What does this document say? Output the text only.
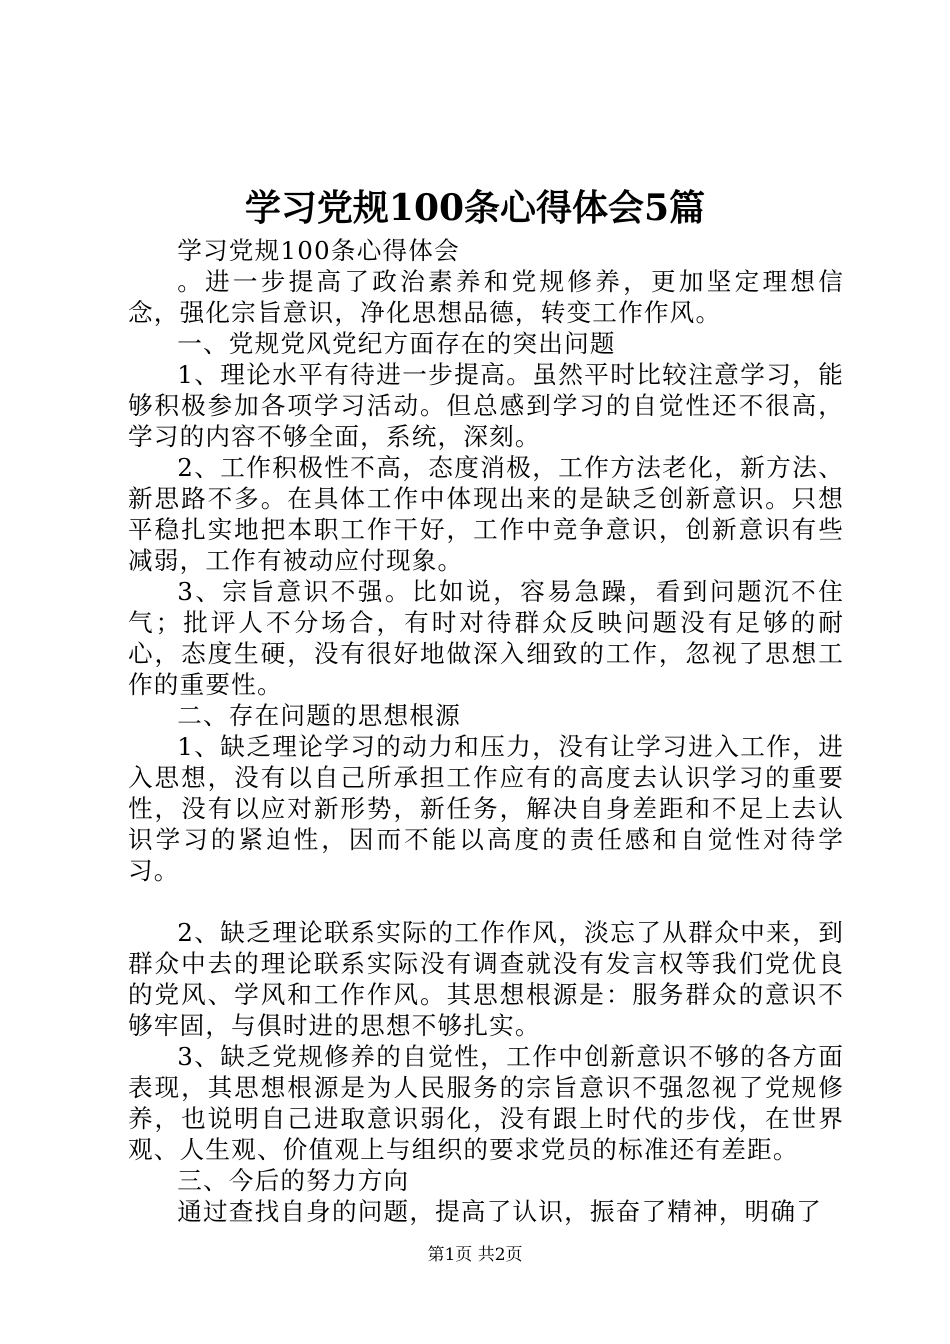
学习党规100条心得体会5篇

学习党规100条心得体会

。进一步提高了政治素养和党规修养，更加坚定理想信念，强化宗旨意识，净化思想品德，转变工作作风。

一、党规党风党纪方面存在的突出问题

1、理论水平有待进一步提高。虽然平时比较注意学习，能够积极参加各项学习活动。但总感到学习的自觉性还不很高，学习的内容不够全面，系统，深刻。

2、工作积极性不高，态度消极，工作方法老化，新方法、新思路不多。在具体工作中体现出来的是缺乏创新意识。只想平稳扎实地把本职工作干好，工作中竞争意识，创新意识有些减弱，工作有被动应付现象。

3、宗旨意识不强。比如说，容易急躁，看到问题沉不住气；批评人不分场合，有时对待群众反映问题没有足够的耐心，态度生硬，没有很好地做深入细致的工作，忽视了思想工作的重要性。

二、存在问题的思想根源

1、缺乏理论学习的动力和压力，没有让学习进入工作，进入思想，没有以自己所承担工作应有的高度去认识学习的重要性，没有以应对新形势，新任务，解决自身差距和不足上去认识学习的紧迫性，因而不能以高度的责任感和自觉性对待学习。

2、缺乏理论联系实际的工作作风，淡忘了从群众中来，到群众中去的理论联系实际没有调查就没有发言权等我们党优良的党风、学风和工作作风。其思想根源是：服务群众的意识不够牢固，与俱时进的思想不够扎实。

3、缺乏党规修养的自觉性，工作中创新意识不够的各方面表现，其思想根源是为人民服务的宗旨意识不强忽视了党规修养，也说明自己进取意识弱化，没有跟上时代的步伐，在世界观、人生观、价值观上与组织的要求党员的标准还有差距。

三、今后的努力方向

通过查找自身的问题，提高了认识，振奋了精神，明确了

第1页 共2页
